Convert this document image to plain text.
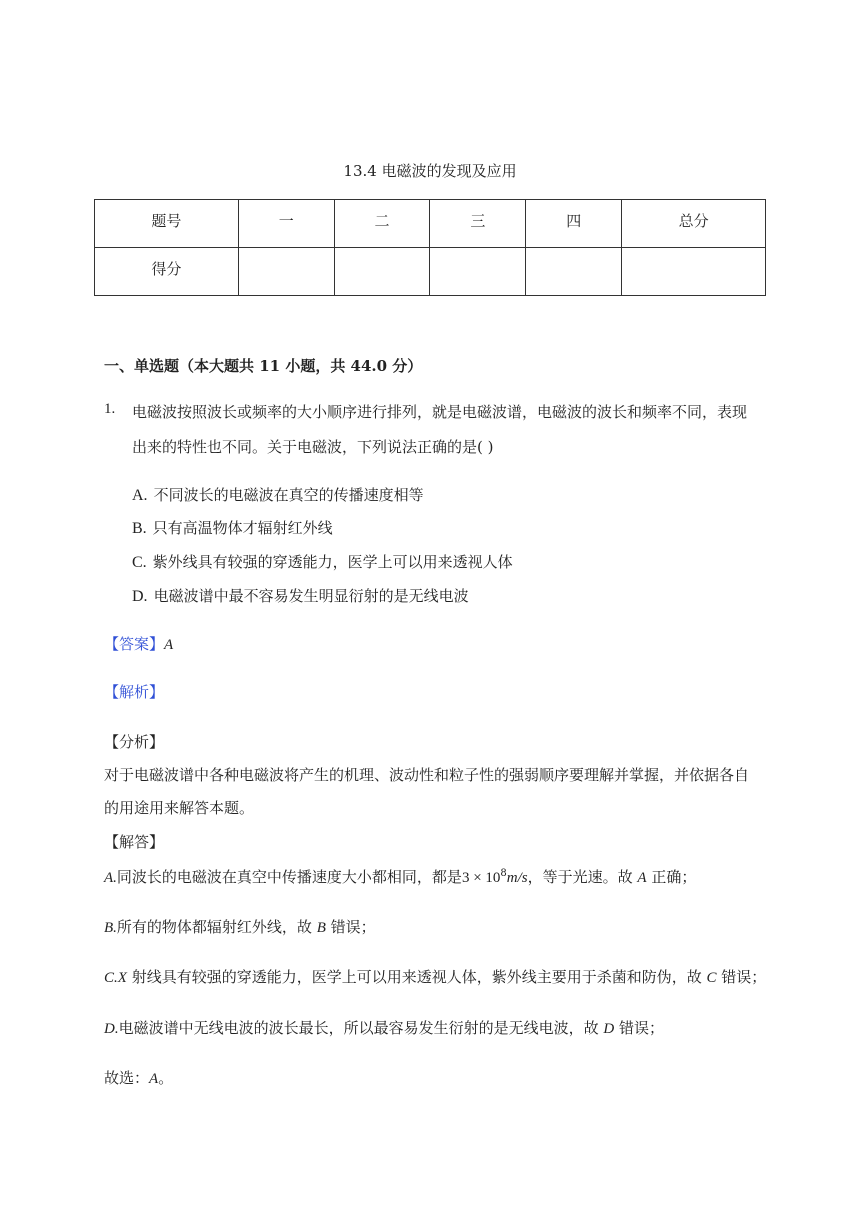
13.4 电磁波的发现及应用
题号	一	二	三	四	总分
得分					
一、单选题（本大题共 11 小题，共 44.0 分）
1. 电磁波按照波长或频率的大小顺序进行排列，就是电磁波谱，电磁波的波长和频率不同，表现
出来的特性也不同。关于电磁波，下列说法正确的是( )
A. 不同波长的电磁波在真空的传播速度相等
B. 只有高温物体才辐射红外线
C. 紫外线具有较强的穿透能力，医学上可以用来透视人体
D. 电磁波谱中最不容易发生明显衍射的是无线电波
【答案】A
【解析】
【分析】
对于电磁波谱中各种电磁波将产生的机理、波动性和粒子性的强弱顺序要理解并掌握，并依据各自
的用途用来解答本题。
【解答】
A.同波长的电磁波在真空中传播速度大小都相同，都是$3 \times 10^8m/s$，等于光速。故 A 正确；
B.所有的物体都辐射红外线，故 B 错误；
C.X 射线具有较强的穿透能力，医学上可以用来透视人体，紫外线主要用于杀菌和防伪，故 C 错误；
D.电磁波谱中无线电波的波长最长，所以最容易发生衍射的是无线电波，故 D 错误；
故选：A。
